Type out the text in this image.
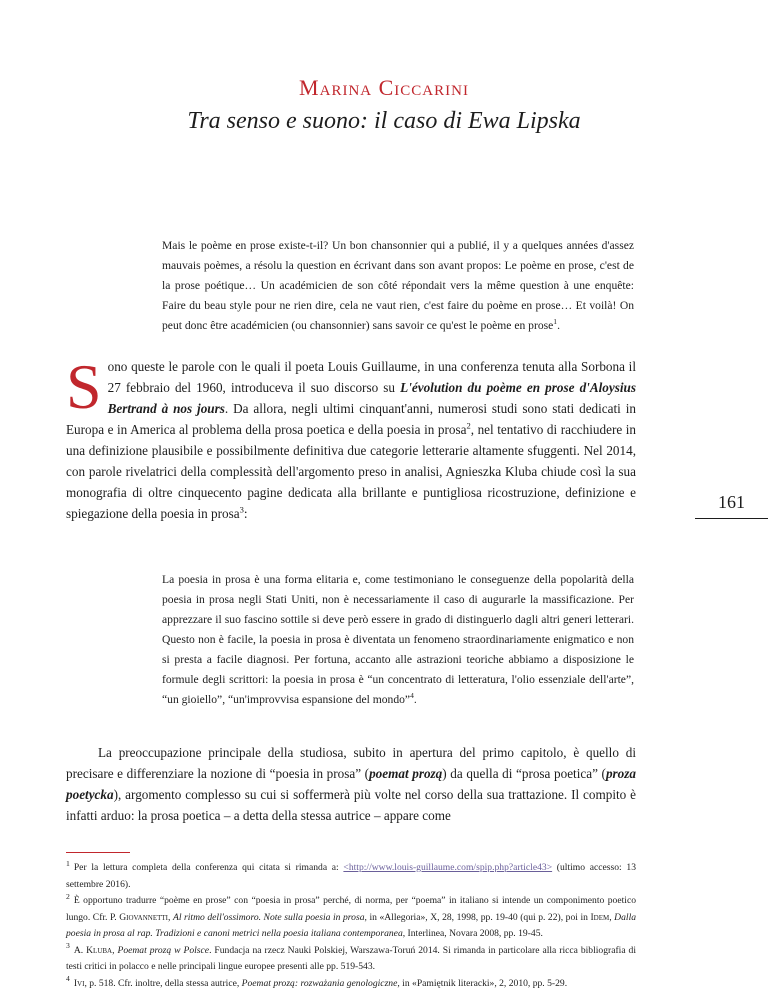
Marina Ciccarini
Tra senso e suono: il caso di Ewa Lipska

Mais le poème en prose existe-t-il? Un bon chansonnier qui a publié, il y a quelques années d'assez mauvais poèmes, a résolu la question en écrivant dans son avant propos: Le poème en prose, c'est de la prose poétique… Un académicien de son côté répondait vers la même question à une enquête: Faire du beau style pour ne rien dire, cela ne vaut rien, c'est faire du poème en prose… Et voilà! On peut donc être académicien (ou chansonnier) sans savoir ce qu'est le poème en prose$^1$.

Sono queste le parole con le quali il poeta Louis Guillaume, in una conferenza tenuta alla Sorbona il 27 febbraio del 1960, introduceva il suo discorso su L'évolution du poème en prose d'Aloysius Bertrand à nos jours. Da allora, negli ultimi cinquant'anni, numerosi studi sono stati dedicati in Europa e in America al problema della prosa poetica e della poesia in prosa$^2$, nel tentativo di racchiudere in una definizione plausibile e possibilmente definitiva due categorie letterarie altamente sfuggenti. Nel 2014, con parole rivelatrici della complessità dell'argomento preso in analisi, Agnieszka Kluba chiude così la sua monografia di oltre cinquecento pagine dedicata alla brillante e puntigliosa ricostruzione, definizione e spiegazione della poesia in prosa$^3$:

La poesia in prosa è una forma elitaria e, come testimoniano le conseguenze della popolarità della poesia in prosa negli Stati Uniti, non è necessariamente il caso di augurarle la massificazione. Per apprezzare il suo fascino sottile si deve però essere in grado di distinguerlo dagli altri generi letterari. Questo non è facile, la poesia in prosa è diventata un fenomeno straordinariamente enigmatico e non si presta a facile diagnosi. Per fortuna, accanto alle astrazioni teoriche abbiamo a disposizione le formule degli scrittori: la poesia in prosa è “un concentrato di letteratura, l'olio essenziale dell'arte”, “un gioiello”, “un'improvvisa espansione del mondo”$^4$.

La preoccupazione principale della studiosa, subito in apertura del primo capitolo, è quello di precisare e differenziare la nozione di “poesia in prosa” (poemat prozą) da quella di “prosa poetica” (proza poetycka), argomento complesso su cui si soffermerà più volte nel corso della sua trattazione. Il compito è infatti arduo: la prosa poetica – a detta della stessa autrice – appare come

$^1$ Per la lettura completa della conferenza qui citata si rimanda a: <http://www.louis-guillaume.com/spip.php?article43> (ultimo accesso: 13 settembre 2016).

$^2$ È opportuno tradurre “poème en prose” con “poesia in prosa” perché, di norma, per “poema” in italiano si intende un componimento poetico lungo. Cfr. P. Giovannetti, Al ritmo dell'ossimoro. Note sulla poesia in prosa, in «Allegoria», X, 28, 1998, pp. 19-40 (qui p. 22), poi in Idem, Dalla poesia in prosa al rap. Tradizioni e canoni metrici nella poesia italiana contemporanea, Interlinea, Novara 2008, pp. 19-45.

$^3$ A. Kluba, Poemat prozą w Polsce. Fundacja na rzecz Nauki Polskiej, Warszawa-Toruń 2014. Si rimanda in particolare alla ricca bibliografia di testi critici in polacco e nelle principali lingue europee presenti alle pp. 519-543.

$^4$ Ivi, p. 518. Cfr. inoltre, della stessa autrice, Poemat prozą: rozważania genologiczne, in «Pamiętnik literacki», 2, 2010, pp. 5-29.

161
